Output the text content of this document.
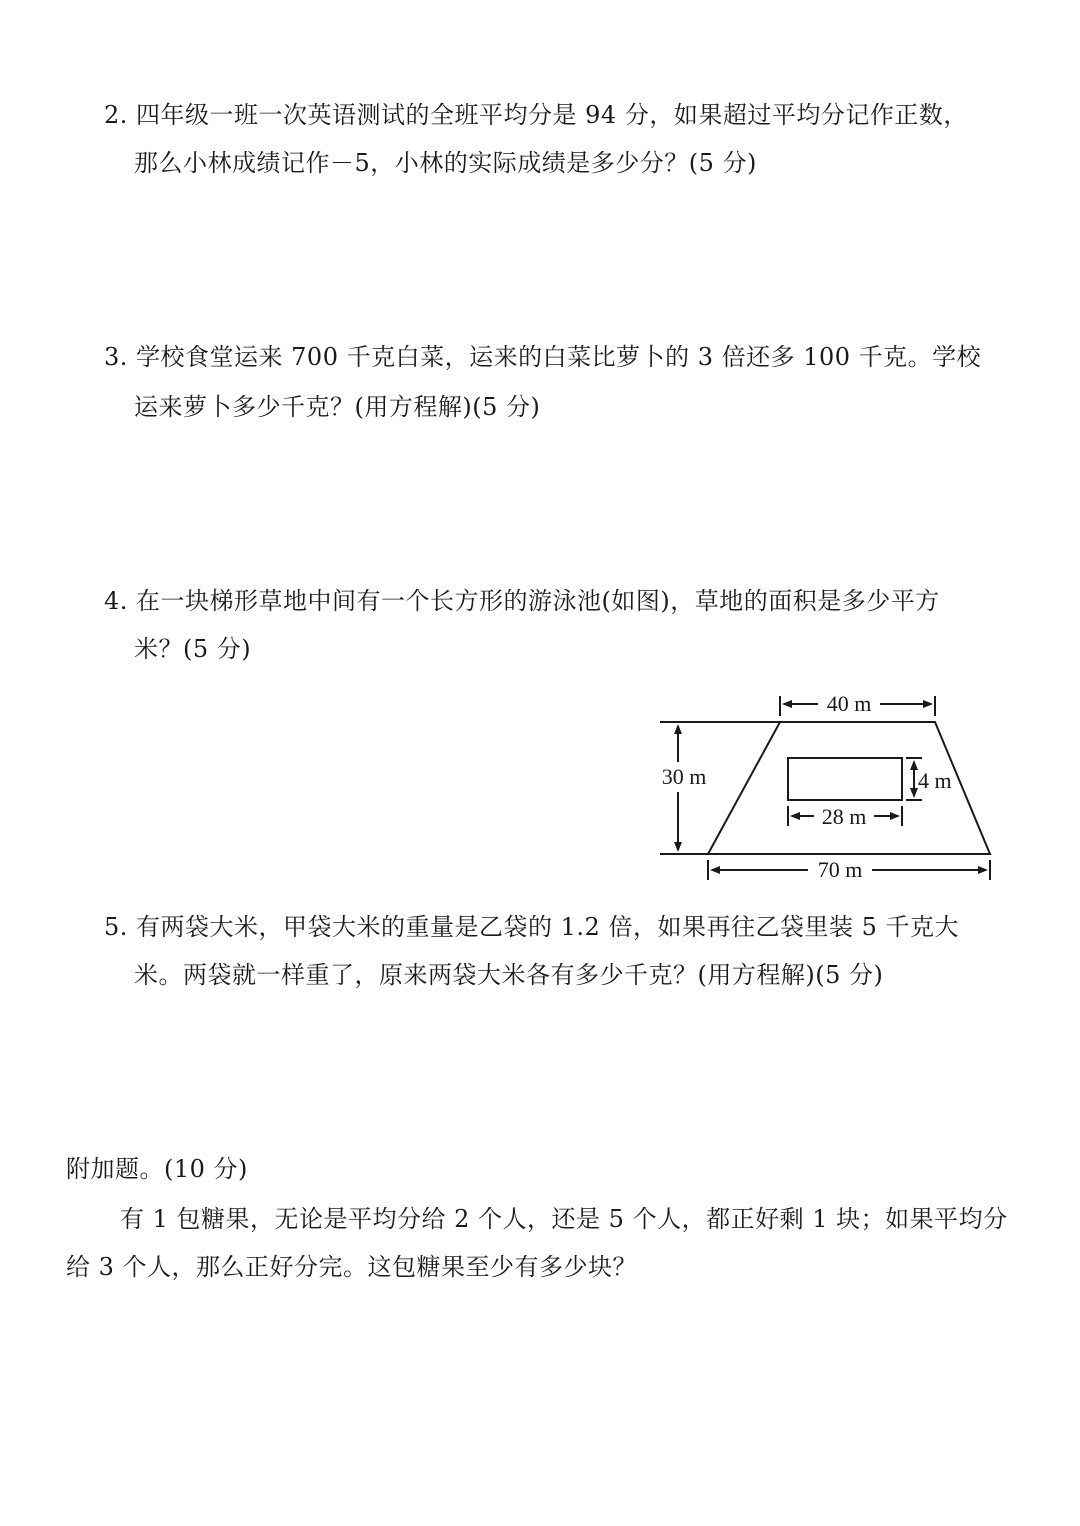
2. 四年级一班一次英语测试的全班平均分是 94 分，如果超过平均分记作正数，
那么小林成绩记作－5，小林的实际成绩是多少分？(5 分)
3. 学校食堂运来 700 千克白菜，运来的白菜比萝卜的 3 倍还多 100 千克。学校
运来萝卜多少千克？(用方程解)(5 分)
4. 在一块梯形草地中间有一个长方形的游泳池(如图)，草地的面积是多少平方
米？(5 分)
40 m
30 m	4 m
28 m
70 m
5. 有两袋大米，甲袋大米的重量是乙袋的 1.2 倍，如果再往乙袋里装 5 千克大
米。两袋就一样重了，原来两袋大米各有多少千克？(用方程解)(5 分)
附加题。(10 分)
有 1 包糖果，无论是平均分给 2 个人，还是 5 个人，都正好剩 1 块；如果平均分
给 3 个人，那么正好分完。这包糖果至少有多少块？
